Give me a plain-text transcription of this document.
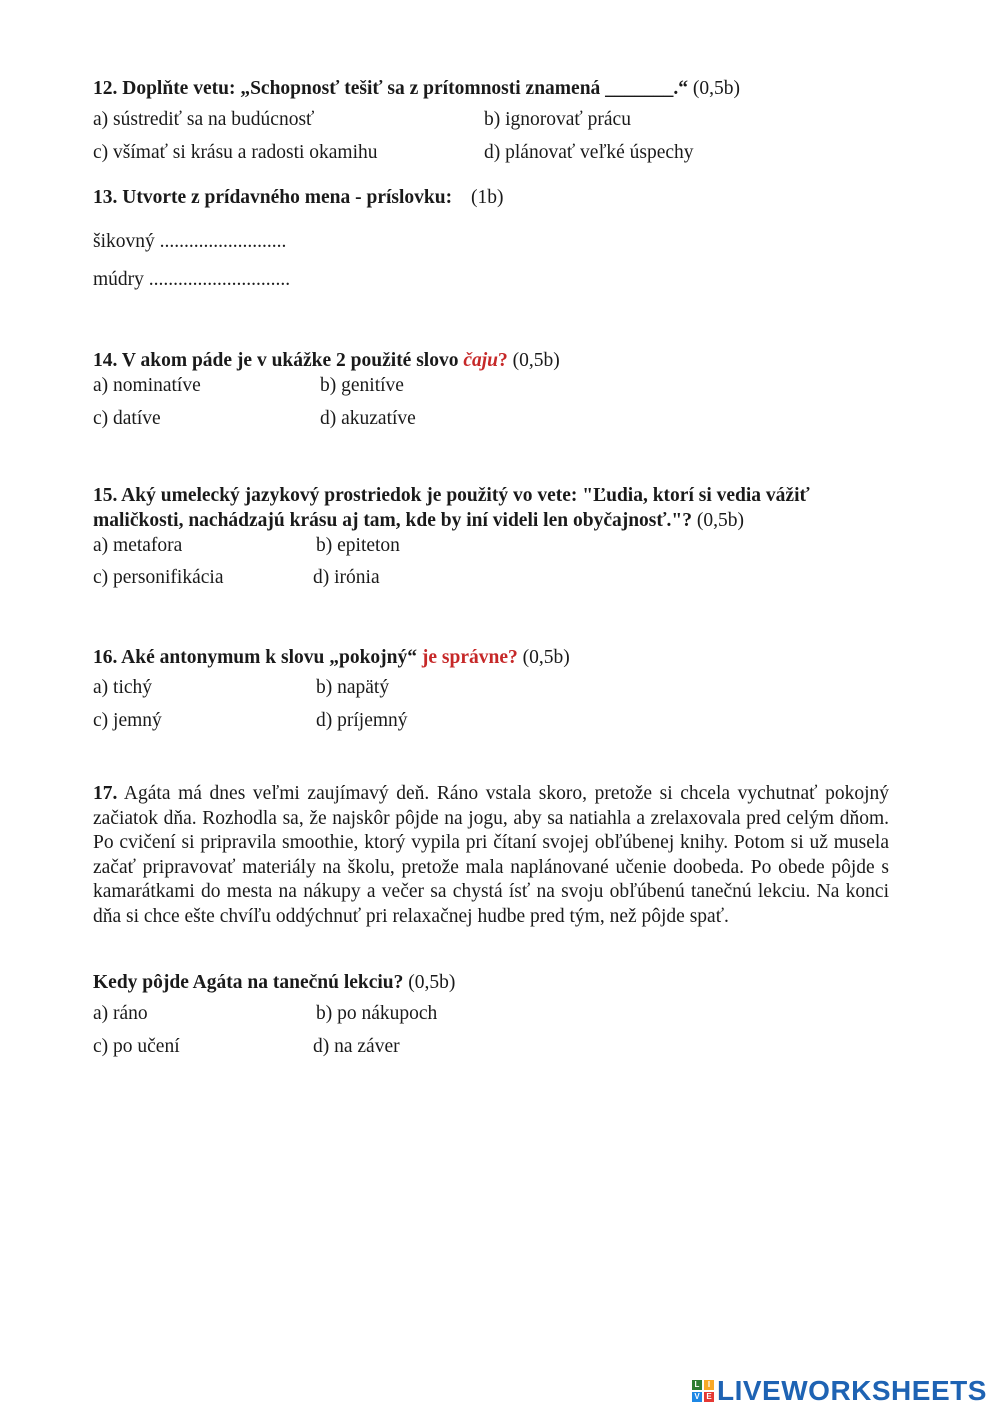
12. Doplňte vetu: „Schopnosť tešiť sa z prítomnosti znamená _______.“ (0,5b)
a) sústrediť sa na budúcnosť	b) ignorovať prácu
c) všímať si krásu a radosti okamihu	d) plánovať veľké úspechy
13. Utvorte z prídavného mena - príslovku: (1b)
šikovný ..........................
múdry .............................
14. V akom páde je v ukážke 2 použité slovo čaju? (0,5b)
a) nominatíve	b) genitíve
c) datíve	d) akuzatíve
15. Aký umelecký jazykový prostriedok je použitý vo vete: "Ľudia, ktorí si vedia vážiť maličkosti, nachádzajú krásu aj tam, kde by iní videli len obyčajnosť."? (0,5b)
a) metafora	b) epiteton
c) personifikácia	d) irónia
16. Aké antonymum k slovu „pokojný“ je správne? (0,5b)
a) tichý	b) napätý
c) jemný	d) príjemný
17. Agáta má dnes veľmi zaujímavý deň. Ráno vstala skoro, pretože si chcela vychutnať pokojný začiatok dňa. Rozhodla sa, že najskôr pôjde na jogu, aby sa natiahla a zrelaxovala pred celým dňom. Po cvičení si pripravila smoothie, ktorý vypila pri čítaní svojej obľúbenej knihy. Potom si už musela začať pripravovať materiály na školu, pretože mala naplánované učenie doobeda. Po obede pôjde s kamarátkami do mesta na nákupy a večer sa chystá ísť na svoju obľúbenú tanečnú lekciu. Na konci dňa si chce ešte chvíľu oddýchnuť pri relaxačnej hudbe pred tým, než pôjde spať.
Kedy pôjde Agáta na tanečnú lekciu? (0,5b)
a) ráno	b) po nákupoch
c) po učení	d) na záver
L	I
V E LIVEWORKSHEETS
